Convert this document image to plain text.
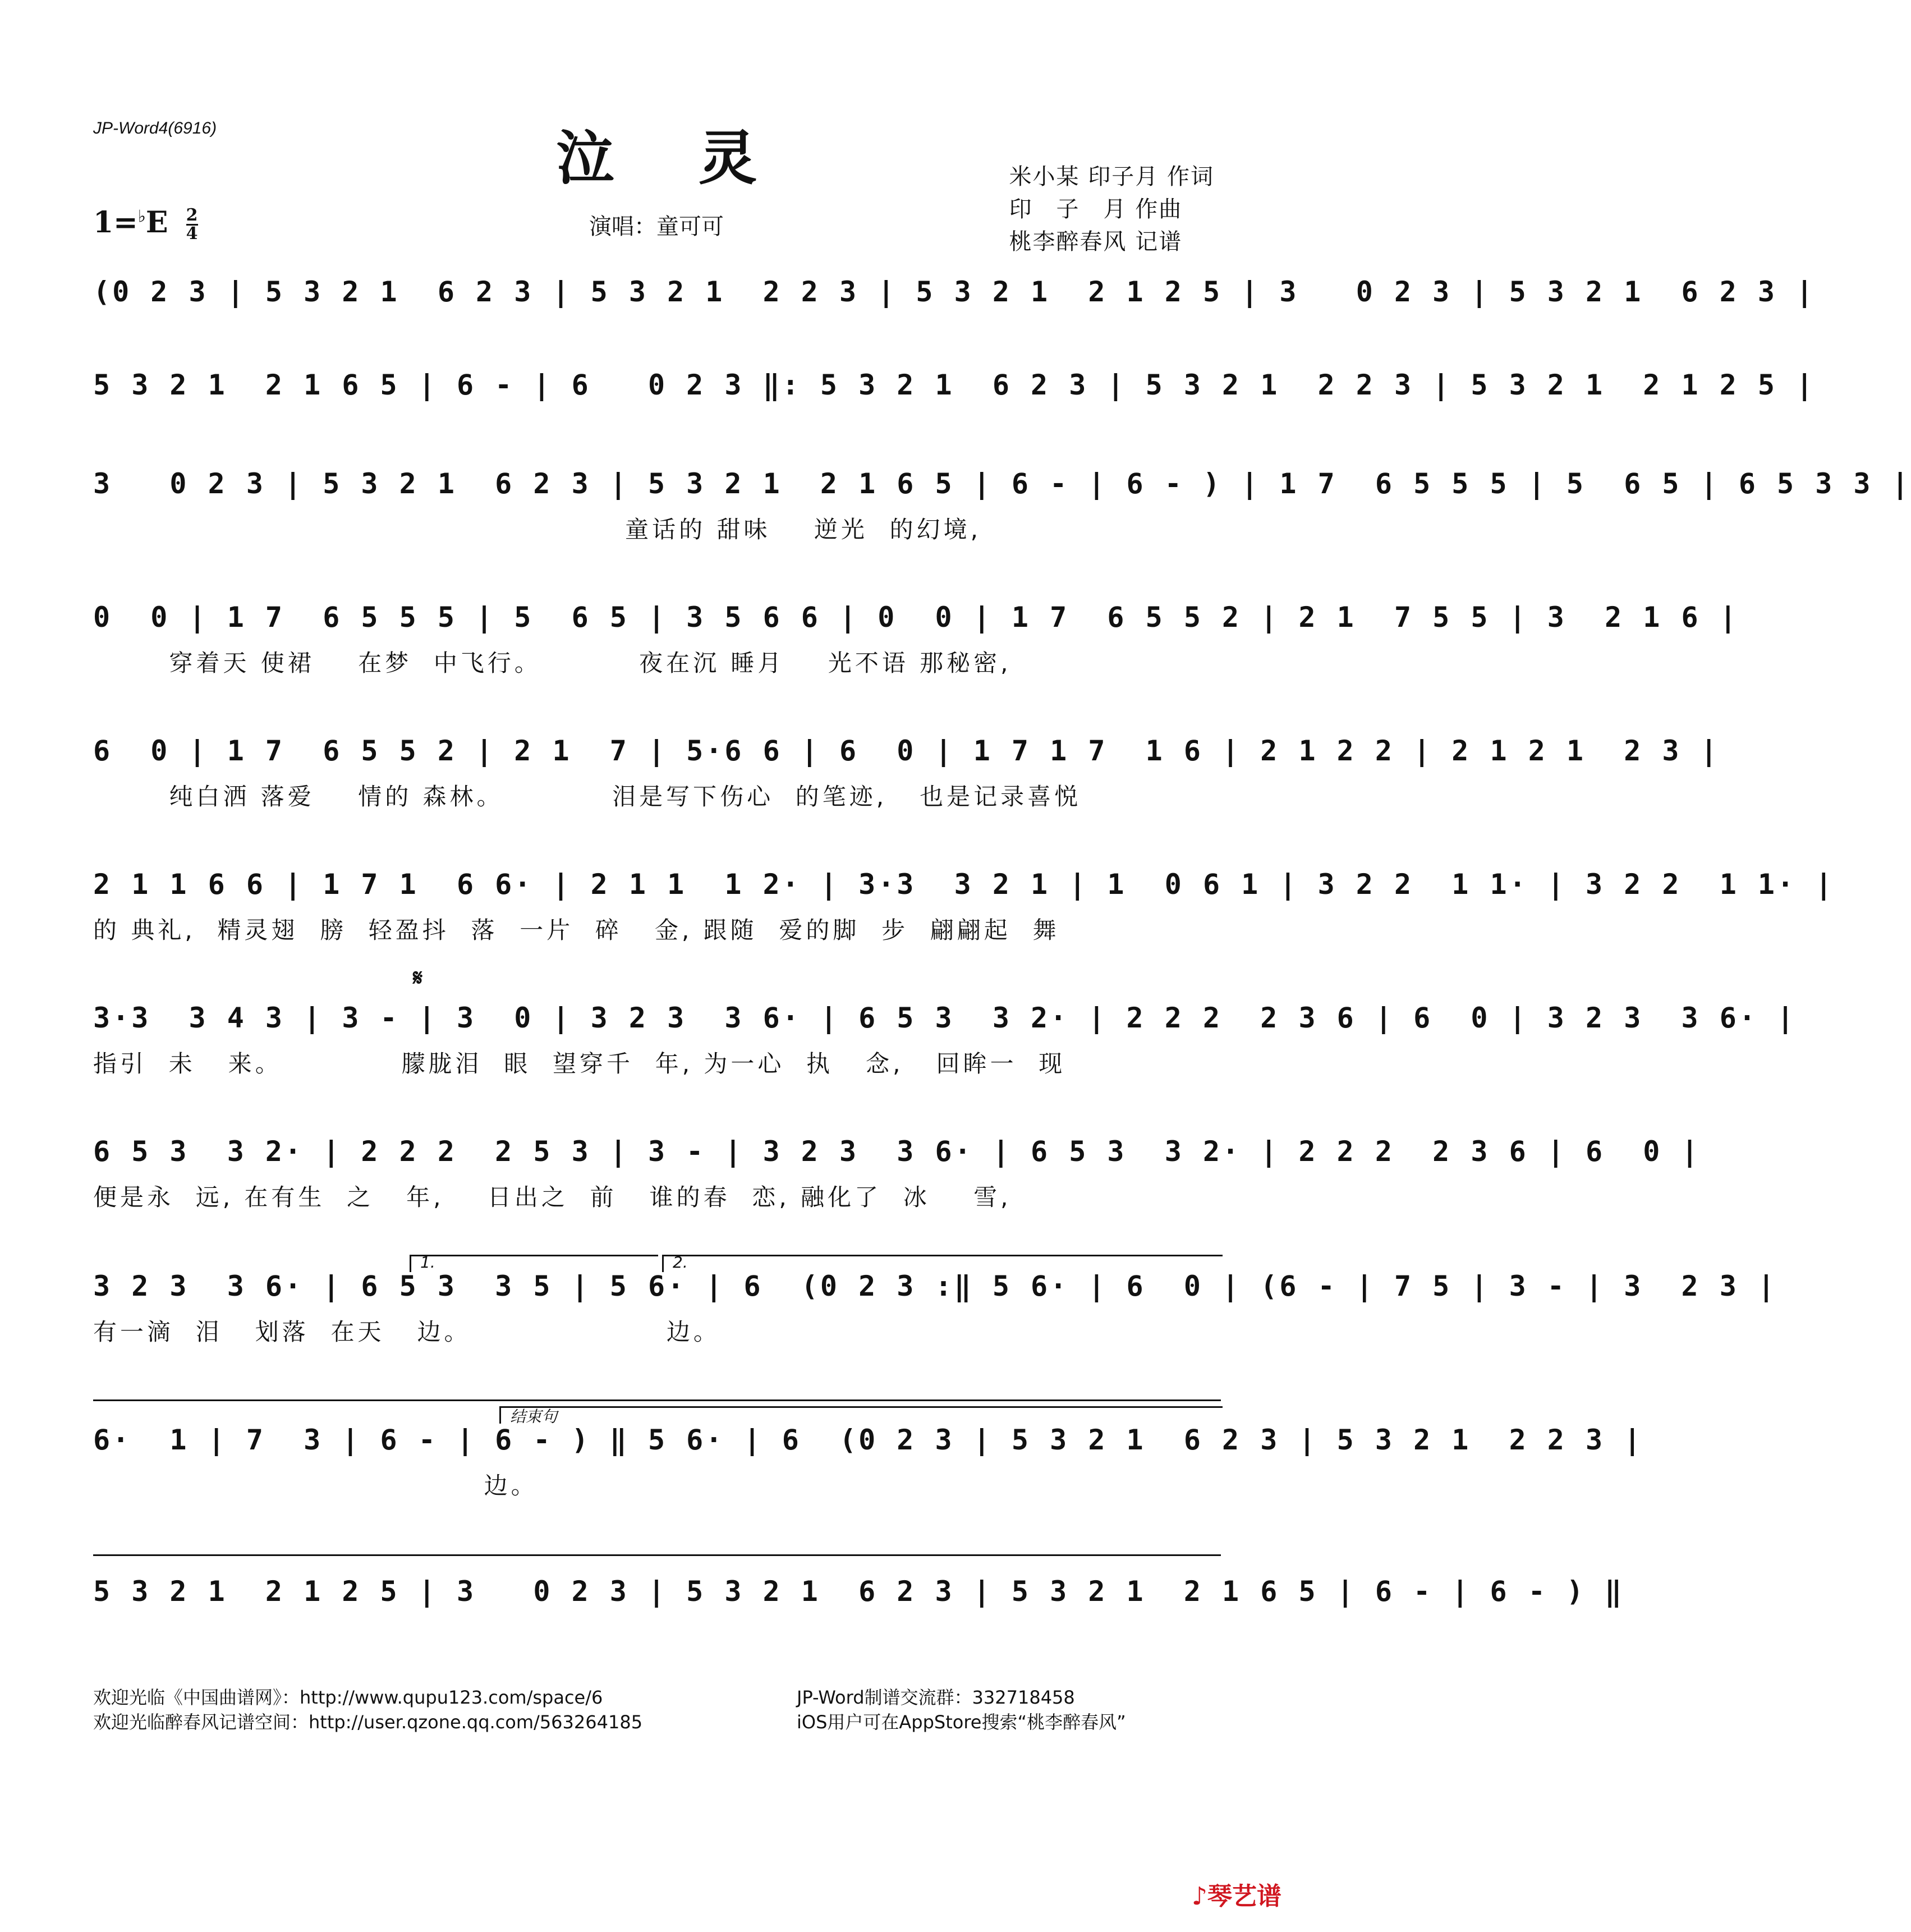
JP-Word4(6916)	泣灵	米小某 印子月 作词
印　子　月 作曲
桃李醉春风 记谱
$1=^♭E \frac{2}{4}$	演唱：童可可
(0 2 3 | 5 3 2 1  6 2 3 | 5 3 2 1  2 2 3 | 5 3 2 1  2 1 2 5 | 3   0 2 3 | 5 3 2 1  6 2 3 |
5 3 2 1  2 1 6 5 | 6 - | 6   0 2 3 ‖: 5 3 2 1  6 2 3 | 5 3 2 1  2 2 3 | 5 3 2 1  2 1 2 5 |
3   0 2 3 | 5 3 2 1  6 2 3 | 5 3 2 1  2 1 6 5 | 6 - | 6 - ) | 1 7  6 5 5 5 | 5  6 5 | 6 5 3 3 |
童话的 甜味    逆光  的幻境,
0  0 | 1 7  6 5 5 5 | 5  6 5 | 3 5 6 6 | 0  0 | 1 7  6 5 5 2 | 2 1  7 5 5 | 3  2 1 6 |
穿着天 使裙    在梦  中飞行。         夜在沉 睡月    光不语 那秘密,
6  0 | 1 7  6 5 5 2 | 2 1  7 | 5·6 6 | 6  0 | 1 7 1 7  1 6 | 2 1 2 2 | 2 1 2 1  2 3 |
纯白洒 落爱    情的 森林。          泪是写下伤心  的笔迹,   也是记录喜悦
2 1 1 6 6 | 1 7 1  6 6· | 2 1 1  1 2· | 3·3  3 2 1 | 1  0 6 1 | 3 2 2  1 1· | 3 2 2  1 1· |
的 典礼,  精灵翅  膀  轻盈抖  落  一片  碎   金, 跟随  爱的脚  步  翩翩起  舞
𝄋
3·3  3 4 3 | 3 - | 3  0 | 3 2 3  3 6· | 6 5 3  3 2· | 2 2 2  2 3 6 | 6  0 | 3 2 3  3 6· |
指引  未   来。           朦胧泪  眼  望穿千  年, 为一心  执   念,   回眸一  现
6 5 3  3 2· | 2 2 2  2 5 3 | 3 - | 3 2 3  3 6· | 6 5 3  3 2· | 2 2 2  2 3 6 | 6  0 |
便是永  远, 在有生  之   年,    日出之  前   谁的春  恋, 融化了  冰    雪,
1.	2.
3 2 3  3 6· | 6 5 3  3 5 | 5 6· | 6  (0 2 3 :‖ 5 6· | 6  0 | (6 - | 7 5 | 3 - | 3  2 3 |
有一滴  泪   划落  在天   边。                  边。
结束句
6·  1 | 7  3 | 6 - | 6 - ) ‖ 5 6· | 6  (0 2 3 | 5 3 2 1  6 2 3 | 5 3 2 1  2 2 3 |
边。
5 3 2 1  2 1 2 5 | 3   0 2 3 | 5 3 2 1  6 2 3 | 5 3 2 1  2 1 6 5 | 6 - | 6 - ) ‖
欢迎光临《中国曲谱网》：http://www.qupu123.com/space/6	JP-Word制谱交流群：332718458
欢迎光临醉春风记谱空间：http://user.qzone.qq.com/563264185	iOS用户可在AppStore搜索“桃李醉春风”
♪琴艺谱
